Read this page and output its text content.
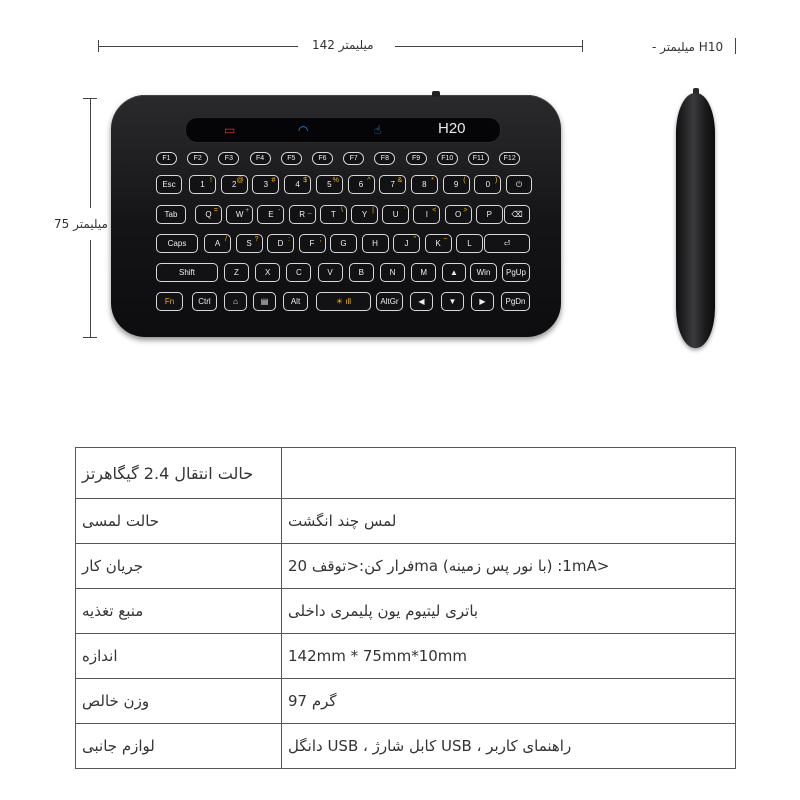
میلیمتر 142
میلیمتر 75
- میلیمتر H10
▭	◠	☝	H20
F1	F2	F3	F4	F5	F6	F7	F8	F9	F10	F11	F12
Esc	1 !	2 @	3 #	4 $	5 %	6 ^	7 &	8 *	9 (	0 )	⏻
Tab	Q =	W +	E -	R _	T \	Y |	U '	I <	O >	P	⌫
Caps	A /	S ?	D :	F ;	G	H	J "	K ~	L	⏎
Shift	Z	X	C	V	B	N	M	▲	Win	PgUp
Fn	Ctrl	⌂	▤	Alt	☀ ıll	AltGr	◀	▼	▶	PgDn
حالت انتقال 2.4 گیگاهرتز	
حالت لمسی	لمس چند انگشت
جریان کار	<1mA: (با نور پس زمینه) maفرار کن:<توقف 20
منبع تغذیه	باتری لیتیوم یون پلیمری داخلی
اندازه	142mm * 75mm*10mm
وزن خالص	گرم 97
لوازم جانبی	راهنمای کاربر ، USB کابل شارژ ، USB دانگل
